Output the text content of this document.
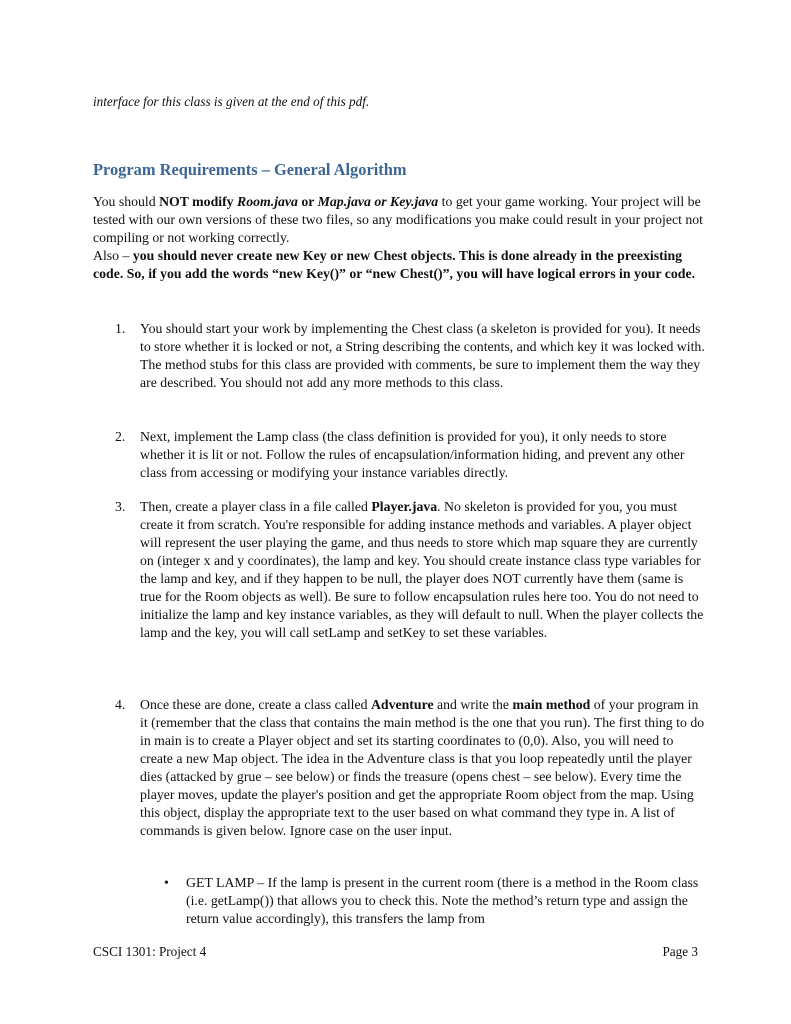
interface for this class is given at the end of this pdf.
Program Requirements – General Algorithm

You should NOT modify Room.java or Map.java or Key.java to get your game working. Your project will be tested with our own versions of these two files, so any modifications you make could result in your project not compiling or not working correctly.

Also – you should never create new Key or new Chest objects. This is done already in the preexisting code. So, if you add the words “new Key()” or “new Chest()”, you will have logical errors in your code.

1. You should start your work by implementing the Chest class (a skeleton is provided for you). It needs to store whether it is locked or not, a String describing the contents, and which key it was locked with. The method stubs for this class are provided with comments, be sure to implement them the way they are described. You should not add any more methods to this class.
2. Next, implement the Lamp class (the class definition is provided for you), it only needs to store whether it is lit or not. Follow the rules of encapsulation/information hiding, and prevent any other class from accessing or modifying your instance variables directly.
3. Then, create a player class in a file called Player.java. No skeleton is provided for you, you must create it from scratch. You're responsible for adding instance methods and variables. A player object will represent the user playing the game, and thus needs to store which map square they are currently on (integer x and y coordinates), the lamp and key. You should create instance class type variables for the lamp and key, and if they happen to be null, the player does NOT currently have them (same is true for the Room objects as well). Be sure to follow encapsulation rules here too. You do not need to initialize the lamp and key instance variables, as they will default to null. When the player collects the lamp and the key, you will call setLamp and setKey to set these variables.
4. Once these are done, create a class called Adventure and write the main method of your program in it (remember that the class that contains the main method is the one that you run). The first thing to do in main is to create a Player object and set its starting coordinates to (0,0). Also, you will need to create a new Map object. The idea in the Adventure class is that you loop repeatedly until the player dies (attacked by grue – see below) or finds the treasure (opens chest – see below). Every time the player moves, update the player's position and get the appropriate Room object from the map. Using this object, display the appropriate text to the user based on what command they type in. A list of commands is given below. Ignore case on the user input.
• GET LAMP – If the lamp is present in the current room (there is a method in the Room class (i.e. getLamp()) that allows you to check this. Note the method’s return type and assign the return value accordingly), this transfers the lamp from
CSCI 1301: Project 4	Page 3
